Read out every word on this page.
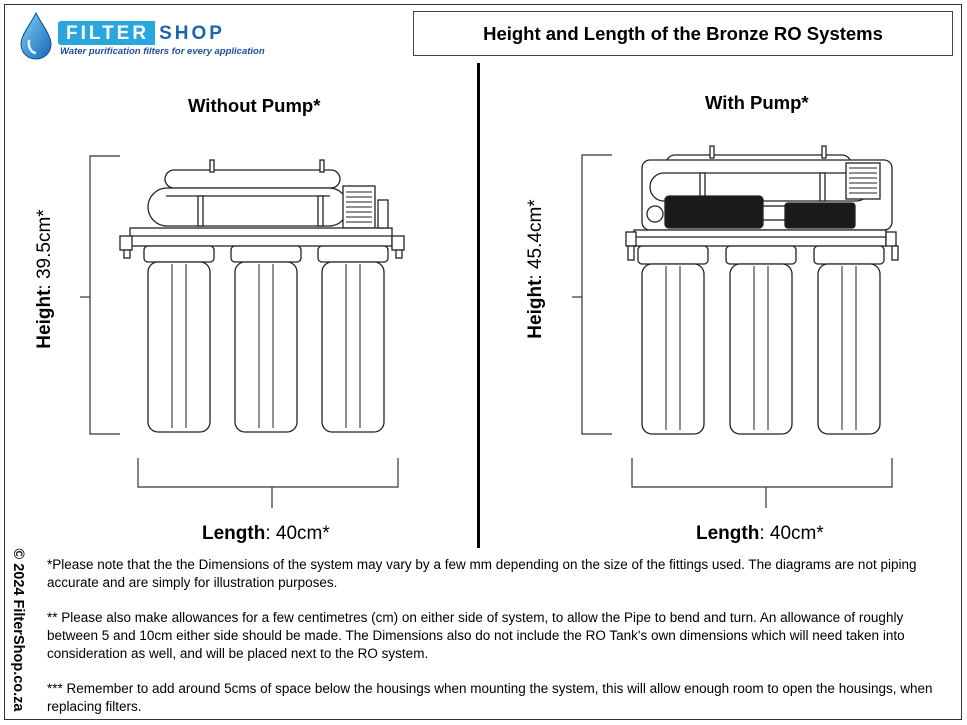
FILTER SHOP
Water purification filters for every application
Height and Length of the Bronze RO Systems
Without Pump*	With Pump*
Height: 39.5cm*
Height: 45.4cm*
Length: 40cm*	Length: 40cm*
© 2024 FilterShop.co.za *Please note that the the Dimensions of the system may vary by a few mm depending on the size of the fittings used. The diagrams are not piping accurate and are simply for illustration purposes.

** Please also make allowances for a few centimetres (cm) on either side of system, to allow the Pipe to bend and turn. An allowance of roughly between 5 and 10cm either side should be made. The Dimensions also do not include the RO Tank's own dimensions which will need taken into consideration as well, and will be placed next to the RO system.

*** Remember to add around 5cms of space below the housings when mounting the system, this will allow enough room to open the housings, when replacing filters.
